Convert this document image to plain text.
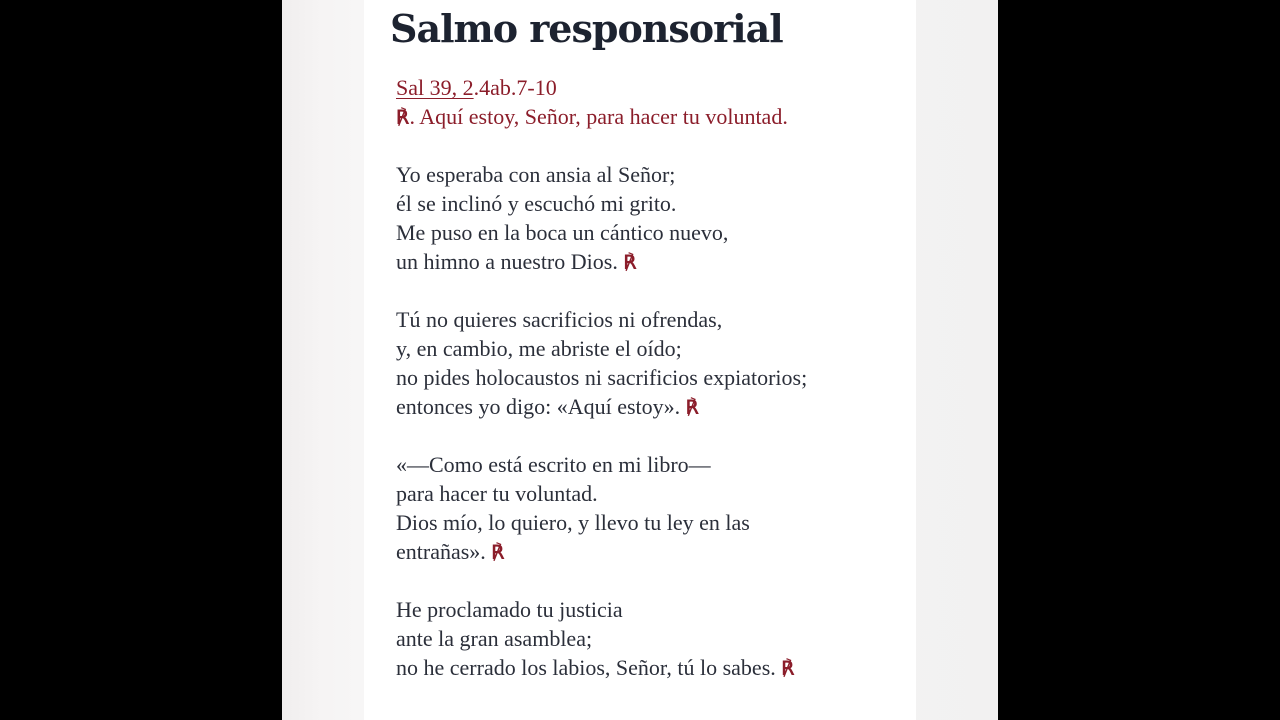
Salmo responsorial
Sal 39, 2.4ab.7-10
℟. Aquí estoy, Señor, para hacer tu voluntad.
Yo esperaba con ansia al Señor;
él se inclinó y escuchó mi grito.
Me puso en la boca un cántico nuevo,
un himno a nuestro Dios. ℟
Tú no quieres sacrificios ni ofrendas,
y, en cambio, me abriste el oído;
no pides holocaustos ni sacrificios expiatorios;
entonces yo digo: «Aquí estoy». ℟
«—Como está escrito en mi libro—
para hacer tu voluntad.
Dios mío, lo quiero, y llevo tu ley en las
entrañas». ℟
He proclamado tu justicia
ante la gran asamblea;
no he cerrado los labios, Señor, tú lo sabes. ℟
